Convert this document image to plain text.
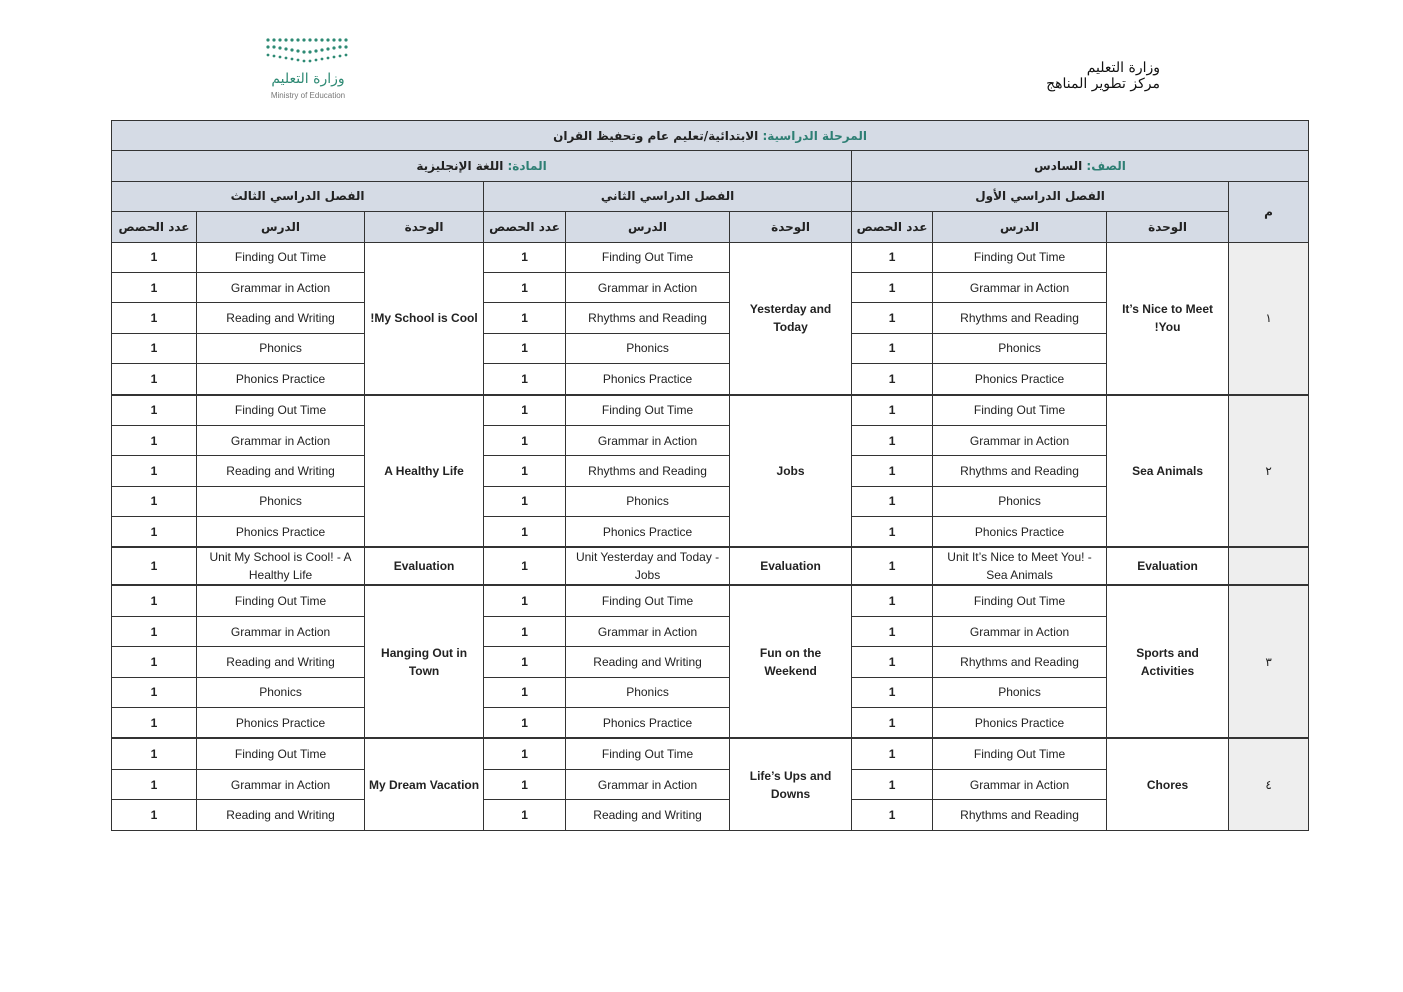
وزارة التعليم
Ministry of Education
وزارة التعليم
مركز تطوير المناهج
المرحلة الدراسية: الابتدائية/تعليم عام وتحفيظ القران									
الصف: السادس				المادة: اللغة الإنجليزية					
م	الفصل الدراسي الأول			الفصل الدراسي الثاني			الفصل الدراسي الثالث		
	الوحدة	الدرس	عدد الحصص	الوحدة	الدرس	عدد الحصص	الوحدة	الدرس	عدد الحصص
١	It’s Nice to Meet You!	Finding Out Time	1	Yesterday and Today	Finding Out Time	1	My School is Cool!	Finding Out Time	1
		Grammar in Action	1		Grammar in Action	1		Grammar in Action	1
		Rhythms and Reading	1		Rhythms and Reading	1		Reading and Writing	1
		Phonics	1		Phonics	1		Phonics	1
		Phonics Practice	1		Phonics Practice	1		Phonics Practice	1
٢	Sea Animals	Finding Out Time	1	Jobs	Finding Out Time	1	A Healthy Life	Finding Out Time	1
		Grammar in Action	1		Grammar in Action	1		Grammar in Action	1
		Rhythms and Reading	1		Rhythms and Reading	1		Reading and Writing	1
		Phonics	1		Phonics	1		Phonics	1
		Phonics Practice	1		Phonics Practice	1		Phonics Practice	1
	Evaluation	Unit It’s Nice to Meet You! - Sea Animals	1	Evaluation	Unit Yesterday and Today - Jobs	1	Evaluation	Unit My School is Cool! - A Healthy Life	1
٣	Sports and Activities	Finding Out Time	1	Fun on the Weekend	Finding Out Time	1	Hanging Out in Town	Finding Out Time	1
		Grammar in Action	1		Grammar in Action	1		Grammar in Action	1
		Rhythms and Reading	1		Reading and Writing	1		Reading and Writing	1
		Phonics	1		Phonics	1		Phonics	1
		Phonics Practice	1		Phonics Practice	1		Phonics Practice	1
٤	Chores	Finding Out Time	1	Life’s Ups and Downs	Finding Out Time	1	My Dream Vacation	Finding Out Time	1
		Grammar in Action	1		Grammar in Action	1		Grammar in Action	1
		Rhythms and Reading	1		Reading and Writing	1		Reading and Writing	1
